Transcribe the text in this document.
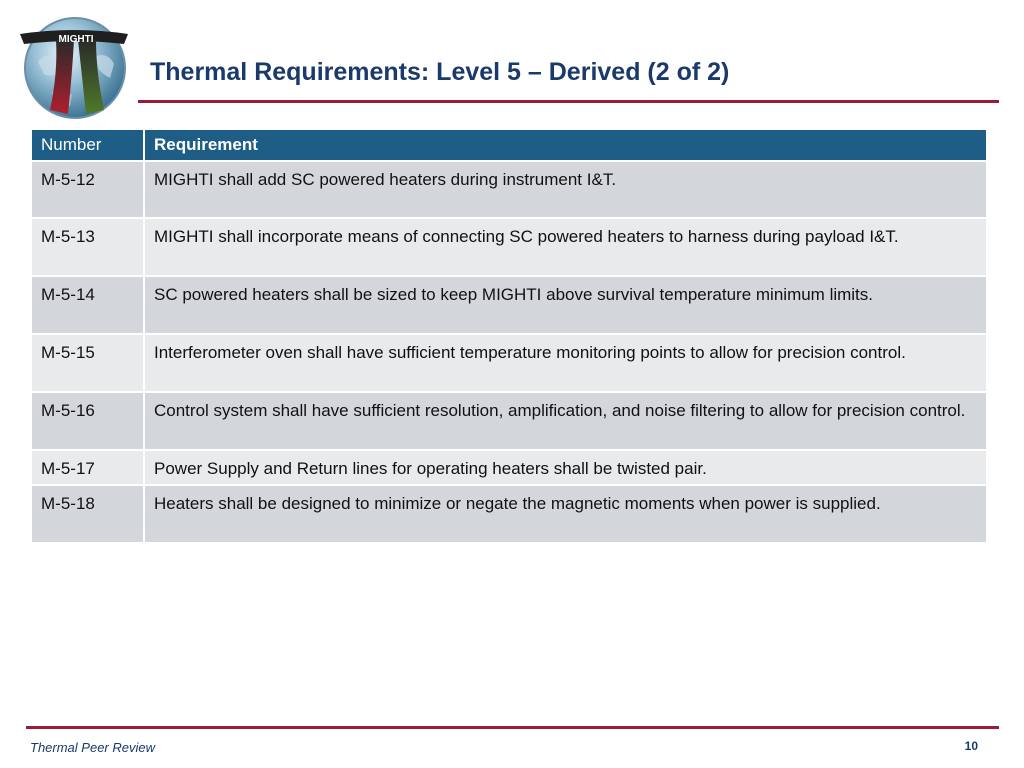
MIGHTI
Thermal Requirements: Level 5 – Derived (2 of 2)
Number	Requirement
M-5-12	MIGHTI shall add SC powered heaters during instrument I&T.
M-5-13	MIGHTI shall incorporate means of connecting SC powered heaters to harness during payload I&T.
M-5-14	SC powered heaters shall be sized to keep MIGHTI above survival temperature minimum limits.
M-5-15	Interferometer oven shall have sufficient temperature monitoring points to allow for precision control.
M-5-16	Control system shall have sufficient resolution, amplification, and noise filtering to allow for precision control.
M-5-17	Power Supply and Return lines for operating heaters shall be twisted pair.
M-5-18	Heaters shall be designed to minimize or negate the magnetic moments when power is supplied.
Thermal Peer Review	10
